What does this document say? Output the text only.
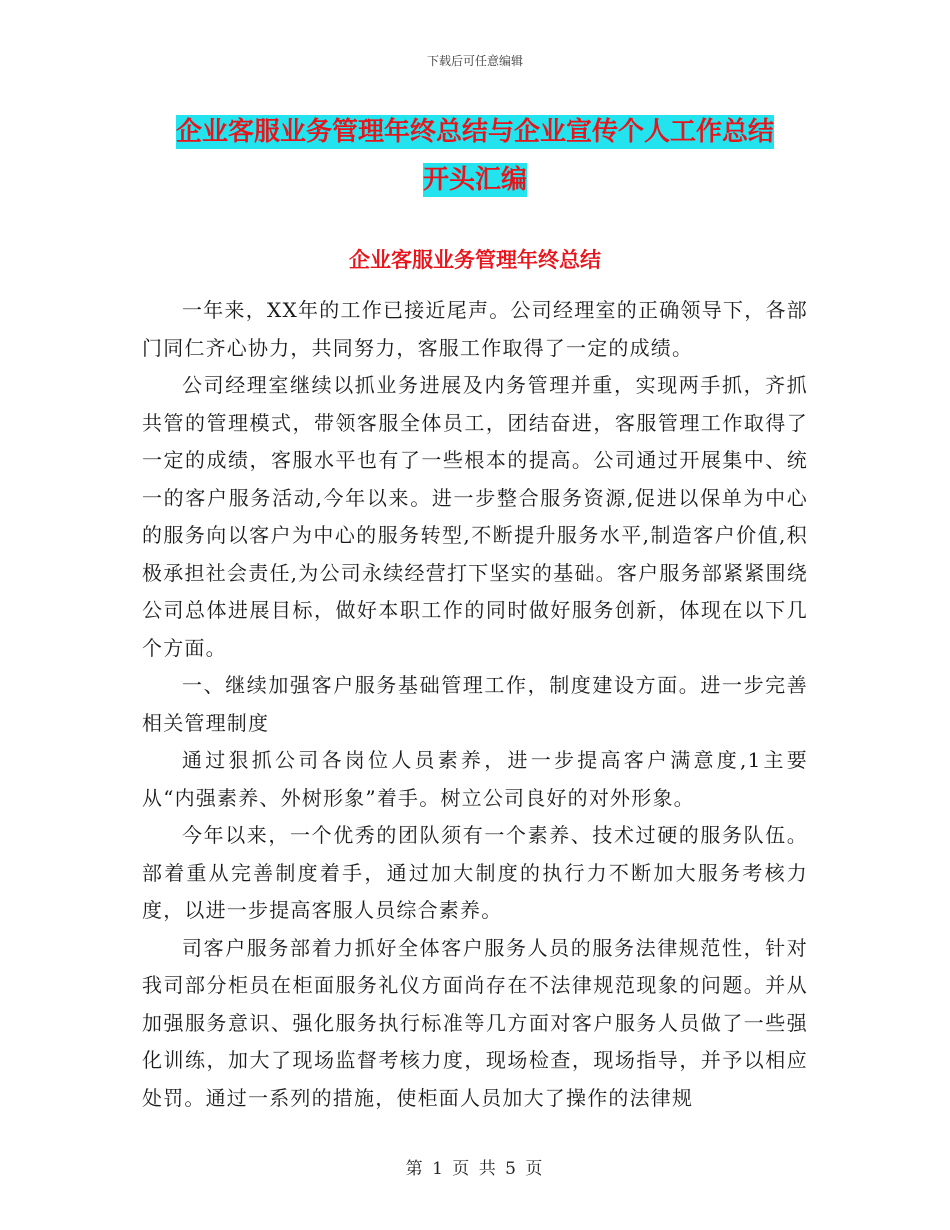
下载后可任意编辑
企业客服业务管理年终总结与企业宣传个人工作总结
开头汇编
企业客服业务管理年终总结

一年来，XX年的工作已接近尾声。公司经理室的正确领导下，各部门同仁齐心协力，共同努力，客服工作取得了一定的成绩。

公司经理室继续以抓业务进展及内务管理并重，实现两手抓，齐抓共管的管理模式，带领客服全体员工，团结奋进，客服管理工作取得了一定的成绩，客服水平也有了一些根本的提高。公司通过开展集中、统一的客户服务活动,今年以来。进一步整合服务资源,促进以保单为中心的服务向以客户为中心的服务转型,不断提升服务水平,制造客户价值,积极承担社会责任,为公司永续经营打下坚实的基础。客户服务部紧紧围绕公司总体进展目标，做好本职工作的同时做好服务创新，体现在以下几个方面。

一、继续加强客户服务基础管理工作，制度建设方面。进一步完善相关管理制度

通过狠抓公司各岗位人员素养，进一步提高客户满意度,1主要从“内强素养、外树形象”着手。树立公司良好的对外形象。

今年以来，一个优秀的团队须有一个素养、技术过硬的服务队伍。部着重从完善制度着手，通过加大制度的执行力不断加大服务考核力度，以进一步提高客服人员综合素养。

司客户服务部着力抓好全体客户服务人员的服务法律规范性，针对我司部分柜员在柜面服务礼仪方面尚存在不法律规范现象的问题。并从加强服务意识、强化服务执行标准等几方面对客户服务人员做了一些强化训练，加大了现场监督考核力度，现场检查，现场指导，并予以相应处罚。通过一系列的措施，使柜面人员加大了操作的法律规

第 1 页 共 5 页
